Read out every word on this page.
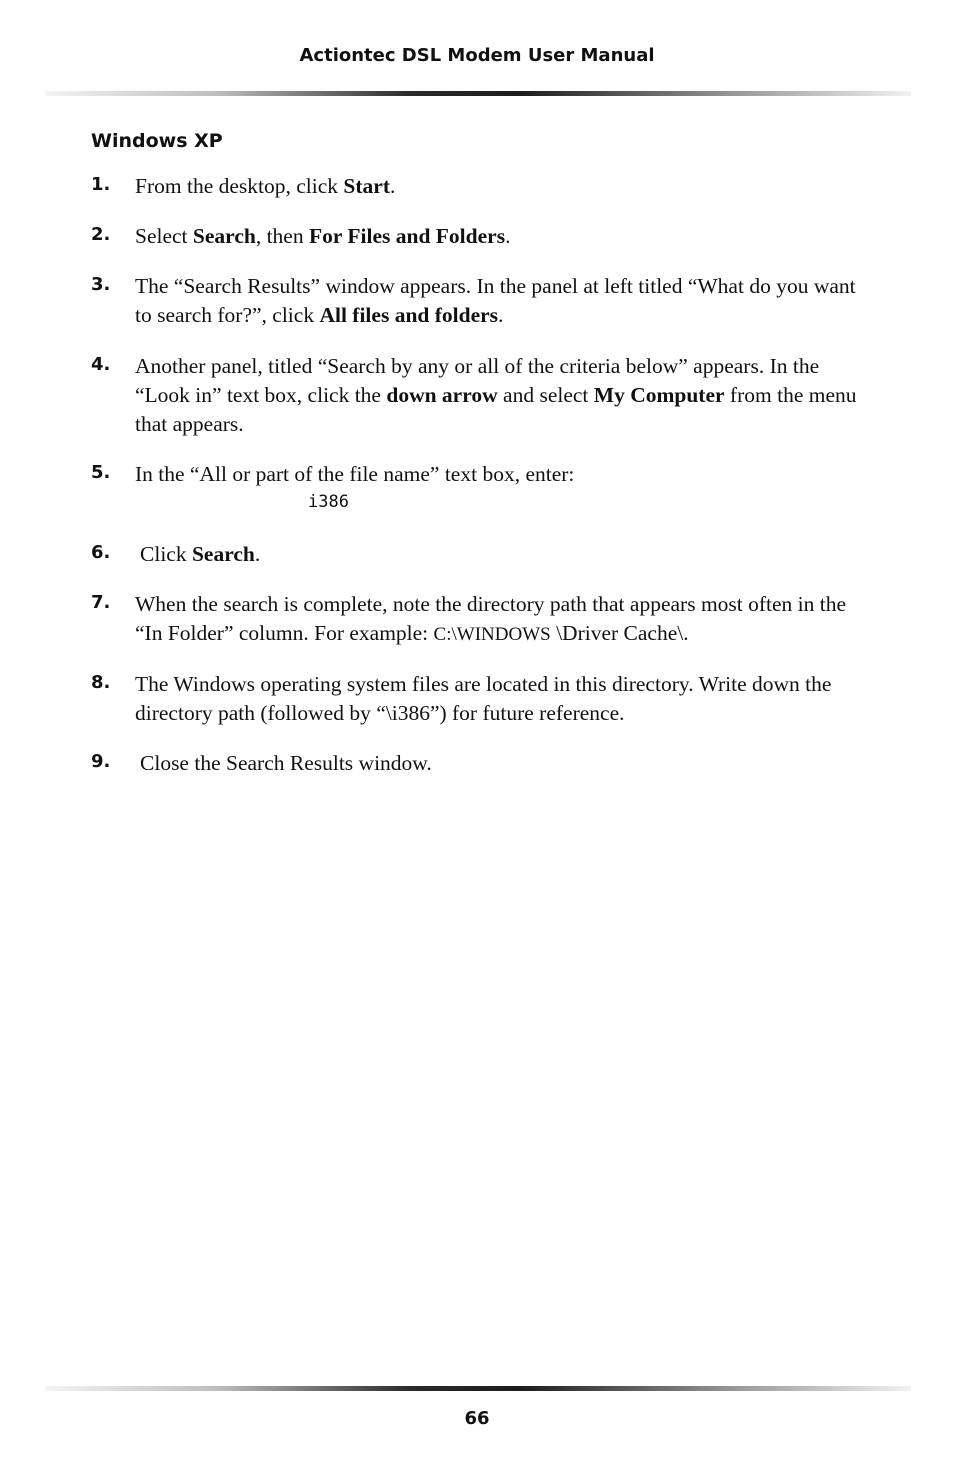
Actiontec DSL Modem User Manual
Windows XP
1. From the desktop, click Start.
2. Select Search, then For Files and Folders.
3. The “Search Results” window appears. In the panel at left titled “What do you want to search for?”, click All files and folders.
4. Another panel, titled “Search by any or all of the criteria below” appears. In the “Look in” text box, click the down arrow and select My Computer from the menu that appears.
5. In the “All or part of the file name” text box, enter:
i386
6. Click Search.
7. When the search is complete, note the directory path that appears most often in the “In Folder” column. For example: C:\WINDOWS \Driver Cache\.
8. The Windows operating system files are located in this directory. Write down the directory path (followed by “\i386”) for future reference.
9. Close the Search Results window.
66
